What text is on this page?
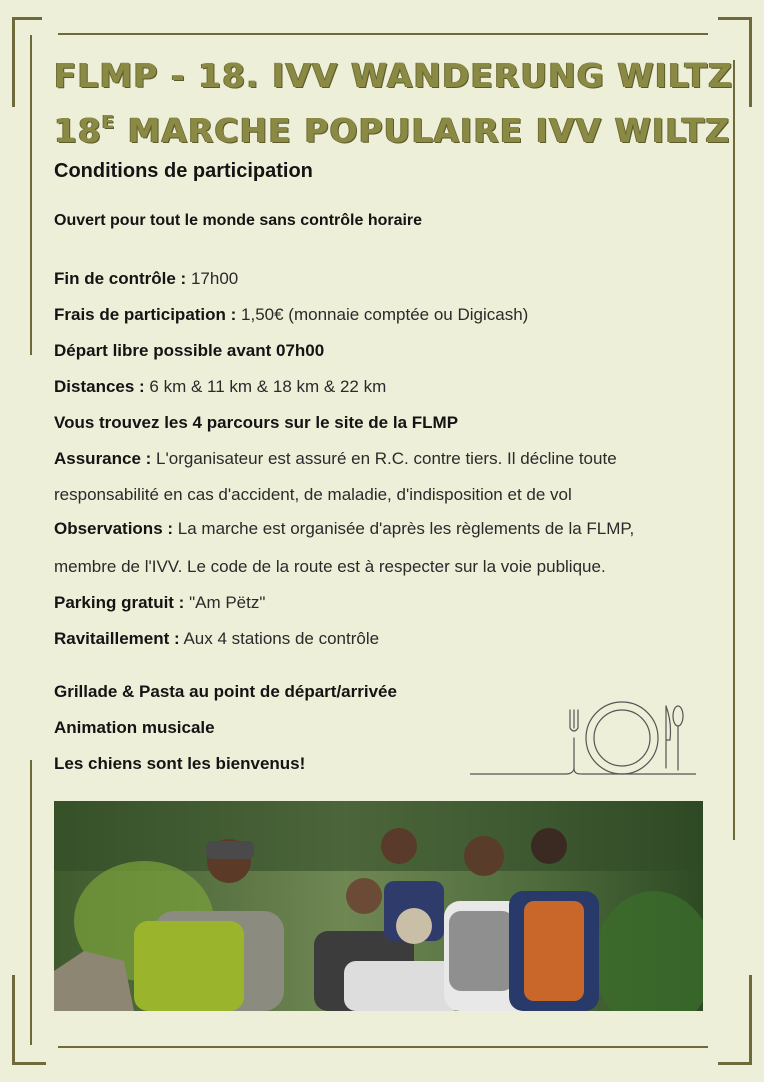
FLMP - 18. IVV WANDERUNG WILTZ
$18^E$ MARCHE POPULAIRE IVV WILTZ
Conditions de participation
Ouvert pour tout le monde sans contrôle horaire
Fin de contrôle : 17h00
Frais de participation : 1,50€ (monnaie comptée ou Digicash)
Départ libre possible avant 07h00
Distances : 6 km & 11 km & 18 km & 22 km
Vous trouvez les 4 parcours sur le site de la FLMP
Assurance : L'organisateur est assuré en R.C. contre tiers. Il décline toute
responsabilité en cas d'accident, de maladie, d'indisposition et de vol
Observations : La marche est organisée d'après les règlements de la FLMP,
membre de l'IVV. Le code de la route est à respecter sur la voie publique.
Parking gratuit : "Am Pëtz"
Ravitaillement : Aux 4 stations de contrôle
Grillade & Pasta au point de départ/arrivée
Animation musicale
Les chiens sont les bienvenus!
